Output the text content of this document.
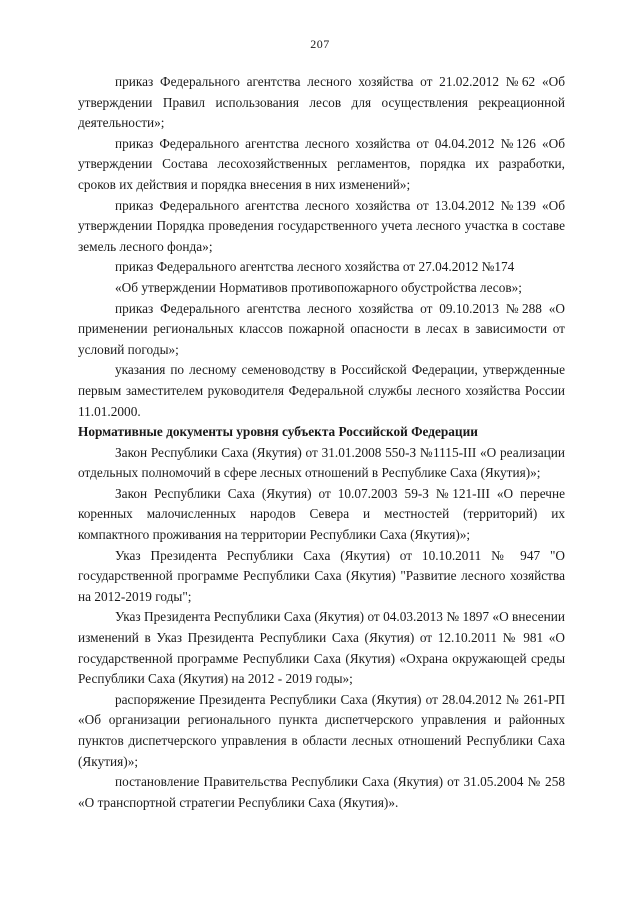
207

приказ Федерального агентства лесного хозяйства от 21.02.2012 №62 «Об утверждении Правил использования лесов для осуществления рекреационной деятельности»;

приказ Федерального агентства лесного хозяйства от 04.04.2012 №126 «Об утверждении Состава лесохозяйственных регламентов, порядка их разработки, сроков их действия и порядка внесения в них изменений»;

приказ Федерального агентства лесного хозяйства от 13.04.2012 №139 «Об утверждении Порядка проведения государственного учета лесного участка в составе земель лесного фонда»;

приказ Федерального агентства лесного хозяйства от 27.04.2012 №174

«Об утверждении Нормативов противопожарного обустройства лесов»;

приказ Федерального агентства лесного хозяйства от 09.10.2013 №288 «О применении региональных классов пожарной опасности в лесах в зависимости от условий погоды»;

указания по лесному семеноводству в Российской Федерации, утвержденные первым заместителем руководителя Федеральной службы лесного хозяйства России 11.01.2000.

Нормативные документы уровня субъекта Российской Федерации

Закон Республики Саха (Якутия) от 31.01.2008 550-З №1115-III «О реализации отдельных полномочий в сфере лесных отношений в Республике Саха (Якутия)»;

Закон Республики Саха (Якутия) от 10.07.2003 59-З №121-III «О перечне коренных малочисленных народов Севера и местностей (территорий) их компактного проживания на территории Республики Саха (Якутия)»;

Указ Президента Республики Саха (Якутия) от 10.10.2011 № 947 "О государственной программе Республики Саха (Якутия) "Развитие лесного хозяйства на 2012-2019 годы";

Указ Президента Республики Саха (Якутия) от 04.03.2013 № 1897 «О внесении изменений в Указ Президента Республики Саха (Якутия) от 12.10.2011 № 981 «О государственной программе Республики Саха (Якутия) «Охрана окружающей среды Республики Саха (Якутия) на 2012 - 2019 годы»;

распоряжение Президента Республики Саха (Якутия) от 28.04.2012 № 261-РП «Об организации регионального пункта диспетчерского управления и районных пунктов диспетчерского управления в области лесных отношений Республики Саха (Якутия)»;

постановление Правительства Республики Саха (Якутия) от 31.05.2004 № 258 «О транспортной стратегии Республики Саха (Якутия)».
